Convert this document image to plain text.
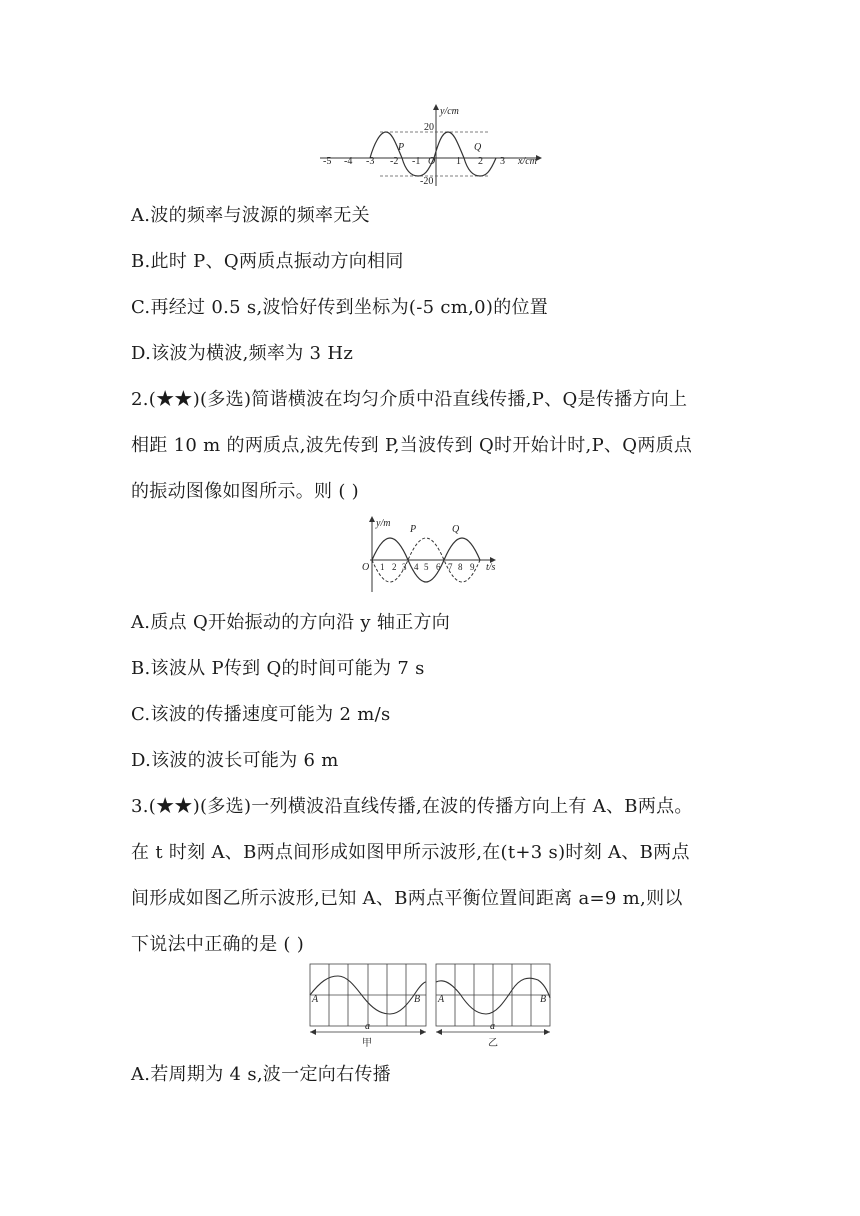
y/cm
x/cm
20
-20
-5 -4 -3 -2 -1 O 1 2 3
P	Q
A.波的频率与波源的频率无关
B.此时 P、Q两质点振动方向相同
C.再经过 0.5 s,波恰好传到坐标为(-5 cm,0)的位置
D.该波为横波,频率为 3 Hz
2.(★★)(多选)简谐横波在均匀介质中沿直线传播,P、Q是传播方向上
相距 10 m 的两质点,波先传到 P,当波传到 Q时开始计时,P、Q两质点
的振动图像如图所示。则 ( )
y/m
t/s
P	Q
O 1 2 3 4 5 6 7 8 9
A.质点 Q开始振动的方向沿 y 轴正方向
B.该波从 P传到 Q的时间可能为 7 s
C.该波的传播速度可能为 2 m/s
D.该波的波长可能为 6 m
3.(★★)(多选)一列横波沿直线传播,在波的传播方向上有 A、B两点。
在 t 时刻 A、B两点间形成如图甲所示波形,在(t+3 s)时刻 A、B两点
间形成如图乙所示波形,已知 A、B两点平衡位置间距离 a=9 m,则以
下说法中正确的是 ( )
A	B
a
甲
A	B
a
乙
A.若周期为 4 s,波一定向右传播
